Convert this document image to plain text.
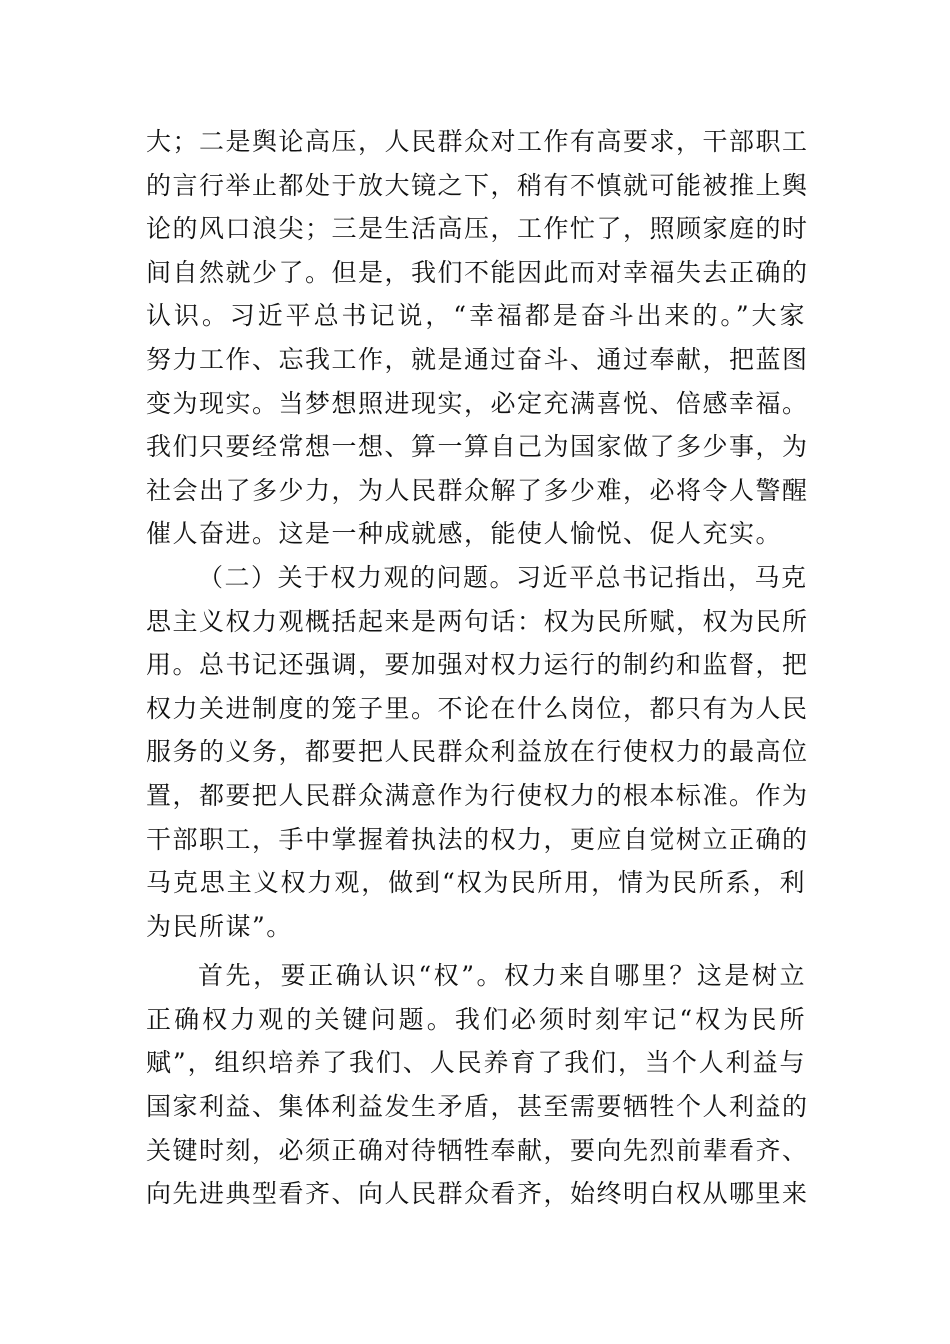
大；二是舆论高压，人民群众对工作有高要求，干部职工
的言行举止都处于放大镜之下，稍有不慎就可能被推上舆
论的风口浪尖；三是生活高压，工作忙了，照顾家庭的时
间自然就少了。但是，我们不能因此而对幸福失去正确的
认识。习近平总书记说，“幸福都是奋斗出来的。”大家
努力工作、忘我工作，就是通过奋斗、通过奉献，把蓝图
变为现实。当梦想照进现实，必定充满喜悦、倍感幸福。
我们只要经常想一想、算一算自己为国家做了多少事，为
社会出了多少力，为人民群众解了多少难，必将令人警醒
催人奋进。这是一种成就感，能使人愉悦、促人充实。
（二）关于权力观的问题。习近平总书记指出，马克
思主义权力观概括起来是两句话：权为民所赋，权为民所
用。总书记还强调，要加强对权力运行的制约和监督，把
权力关进制度的笼子里。不论在什么岗位，都只有为人民
服务的义务，都要把人民群众利益放在行使权力的最高位
置，都要把人民群众满意作为行使权力的根本标准。作为
干部职工，手中掌握着执法的权力，更应自觉树立正确的
马克思主义权力观，做到“权为民所用，情为民所系，利
为民所谋”。
首先，要正确认识“权”。权力来自哪里？这是树立
正确权力观的关键问题。我们必须时刻牢记“权为民所
赋”，组织培养了我们、人民养育了我们，当个人利益与
国家利益、集体利益发生矛盾，甚至需要牺牲个人利益的
关键时刻，必须正确对待牺牲奉献，要向先烈前辈看齐、
向先进典型看齐、向人民群众看齐，始终明白权从哪里来
